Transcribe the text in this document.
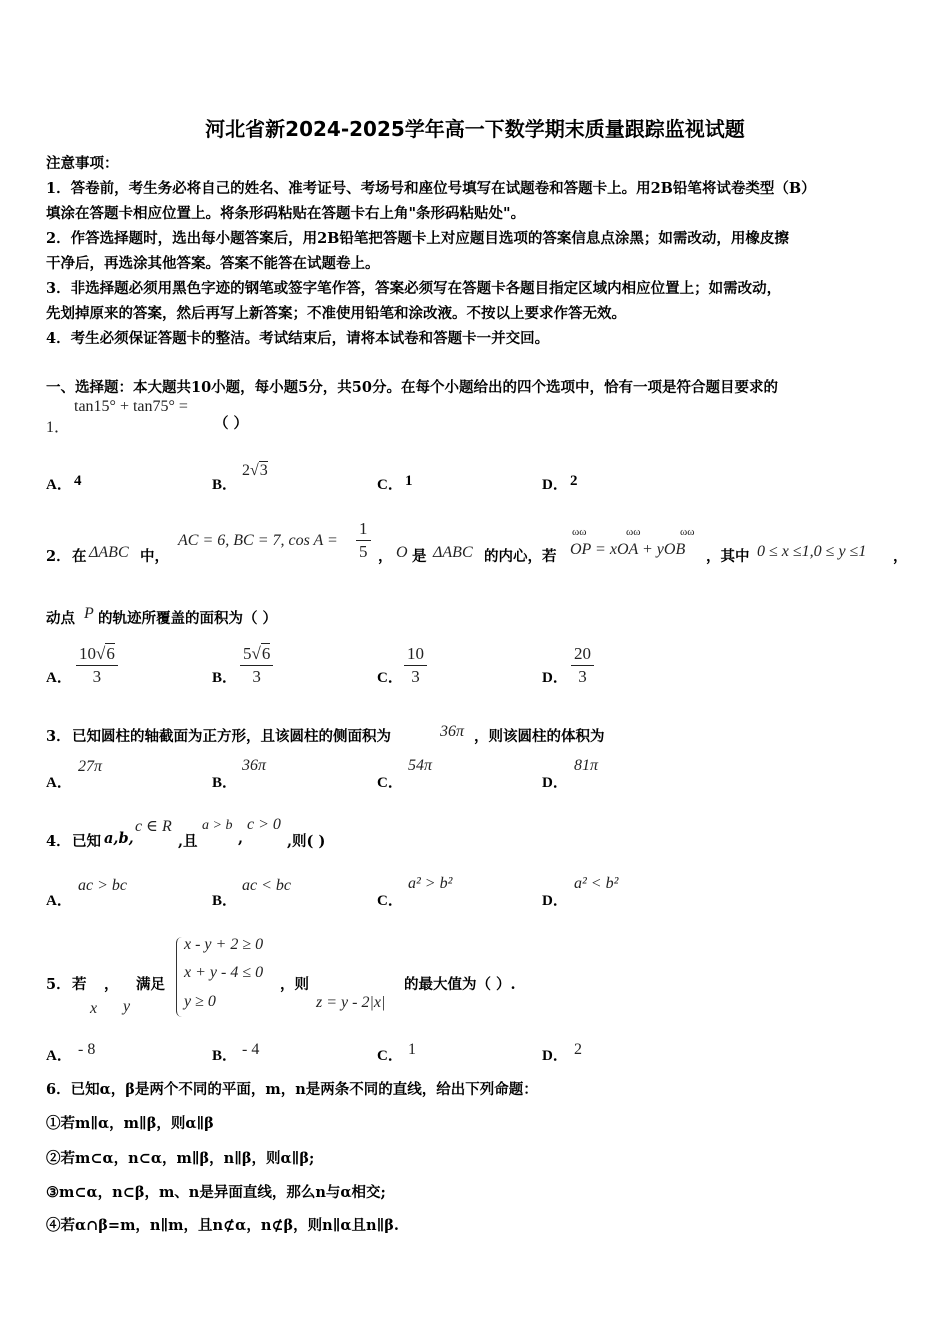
河北省新2024-2025学年高一下数学期末质量跟踪监视试题
注意事项：
1．答卷前，考生务必将自己的姓名、准考证号、考场号和座位号填写在试题卷和答题卡上。用2B铅笔将试卷类型（B）
填涂在答题卡相应位置上。将条形码粘贴在答题卡右上角"条形码粘贴处"。
2．作答选择题时，选出每小题答案后，用2B铅笔把答题卡上对应题目选项的答案信息点涂黑；如需改动，用橡皮擦
干净后，再选涂其他答案。答案不能答在试题卷上。
3．非选择题必须用黑色字迹的钢笔或签字笔作答，答案必须写在答题卡各题目指定区域内相应位置上；如需改动，
先划掉原来的答案，然后再写上新答案；不准使用铅笔和涂改液。不按以上要求作答无效。
4．考生必须保证答题卡的整洁。考试结束后，请将本试卷和答题卡一并交回。
一、选择题：本大题共10小题，每小题5分，共50分。在每个小题给出的四个选项中，恰有一项是符合题目要求的
1．
tan15° + tan75° =
（ ）
A． 4	B．
2√3
C． 1	D． 2
2． 在 ΔABC 中，
AC = 6, BC = 7, $\cos A = \frac{1}{5}$ ， O 是 ΔABC 的内心，若
ωω	ωω	ωω
OP = xOA + yOB ，其中 0 ≤ x ≤1,0 ≤ y ≤1 ，
动点 P 的轨迹所覆盖的面积为（ ）
A． $\frac{10√6}{3}$	B． $\frac{5√6}{3}$	C． $\frac{10}{3}$	D． $\frac{20}{3}$
3． 已知圆柱的轴截面为正方形，且该圆柱的侧面积为	36π ，则该圆柱的体积为
A．
27π
B．
36π
C．
54π
D．
81π
4． 已知 a,b,
c ∈ R
,且
a > b
,
c > 0
,则( )
A．
ac > bc
B．
ac < bc
C．
a² > b²
D．
a² < b²
5． 若 ， 满足
x y
x - y + 2 ≥ 0
x + y - 4 ≤ 0
y ≥ 0
，则
z = y - 2|x|
的最大值为（ ）.
A． - 8	B． - 4	C． 1	D． 2
6．已知α，β是两个不同的平面，m，n是两条不同的直线，给出下列命题：
①若m∥α，m∥β，则α∥β
②若m⊂α，n⊂α，m∥β，n∥β，则α∥β;
③m⊂α，n⊂β，m、n是异面直线，那么n与α相交;
④若α∩β=m，n∥m，且n⊄α，n⊄β，则n∥α且n∥β.
